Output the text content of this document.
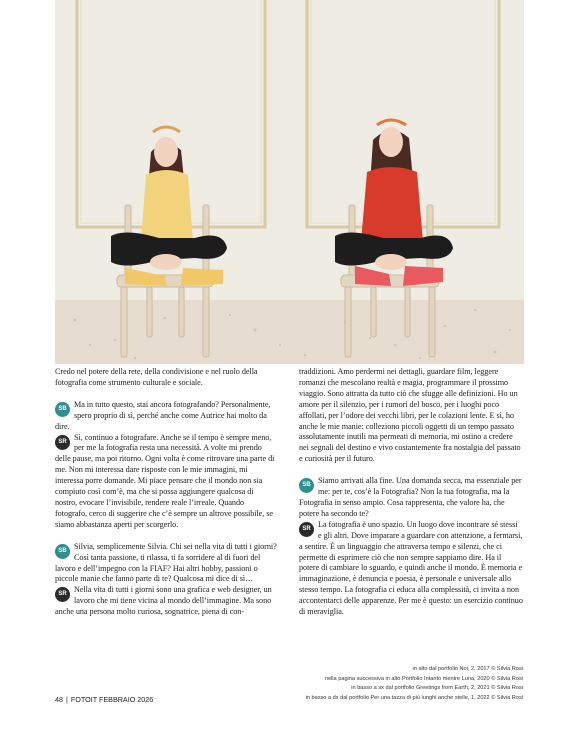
Credo nel potere della rete, della condivisione e nel ruolo della fotografia come strumento culturale e sociale.

SB Ma in tutto questo, stai ancora fotografando? Personalmente, spero proprio di sì, perché anche come Autrice hai molto da dire.

SR Sì, continuo a fotografare. Anche se il tempo è sempre meno, per me la fotografia resta una necessità. A volte mi prendo delle pause, ma poi ritorno. Ogni volta è come ritrovare una parte di me. Non mi interessa dare risposte con le mie immagini, mi interessa porre domande. Mi piace pensare che il mondo non sia compiuto così com’è, ma che si possa aggiungere qualcosa di nostro, evocare l’invisibile, rendere reale l’irreale. Quando fotografo, cerco di suggerire che c’è sempre un altrove possibile, se siamo abbastanza aperti per scorgerlo.

SB Silvia, semplicemente Silvia. Chi sei nella vita di tutti i giorni? Così tanta passione, ti rilassa, ti fa sorridere al di fuori del lavoro e dell’impegno con la FIAF? Hai altri hobby, passioni o piccole manie che fanno parte di te? Qualcosa mi dice di sì…

SR Nella vita di tutti i giorni sono una grafica e web designer, un lavoro che mi tiene vicina al mondo dell’immagine. Ma sono anche una persona molto curiosa, sognatrice, piena di con-

traddizioni. Amo perdermi nei dettagli, guardare film, leggere romanzi che mescolano realtà e magia, programmare il prossimo viaggio. Sono attratta da tutto ciò che sfugge alle definizioni. Ho un amore per il silenzio, per i rumori del bosco, per i luoghi poco affollati, per l’odore dei vecchi libri, per le colazioni lente. E sì, ho anche le mie manie: colleziono piccoli oggetti di un tempo passato assolutamente inutili ma permeati di memoria, mi ostino a credere nei segnali del destino e vivo costantemente fra nostalgia del passato e curiosità per il futuro.

SB Siamo arrivati alla fine. Una domanda secca, ma essenziale per me: per te, cos’è la Fotografia? Non la tua fotografia, ma la Fotografia in senso ampio. Cosa rappresenta, che valore ha, che potere ha secondo te?

SR La fotografia è uno spazio. Un luogo dove incontrare sé stessi e gli altri. Dove imparare a guardare con attenzione, a fermarsi, a sentire. È un linguaggio che attraversa tempo e silenzi, che ci permette di esprimere ciò che non sempre sappiamo dire. Ha il potere di cambiare lo sguardo, e quindi anche il mondo. È memoria e immaginazione, è denuncia e poesia, è personale e universale allo stesso tempo. La fotografia ci educa alla complessità, ci invita a non accontentarci delle apparenze. Per me è questo: un esercizio continuo di meraviglia.

in alto dal portfolio Noi, 2, 2017 © Silvia Rosi

nella pagina successiva in alto Portfolio Intanto mentre Luna, 2020 © Silvia Rosi

in basso a sx dal portfolio Greetings from Earth, 2, 2021 © Silvia Rosi

in basso a dx dal portfolio Per una tazza di più lunghi anche stelle, 1, 2022 © Silvia Rosi

48 | FOTOIT FEBBRAIO 2026
